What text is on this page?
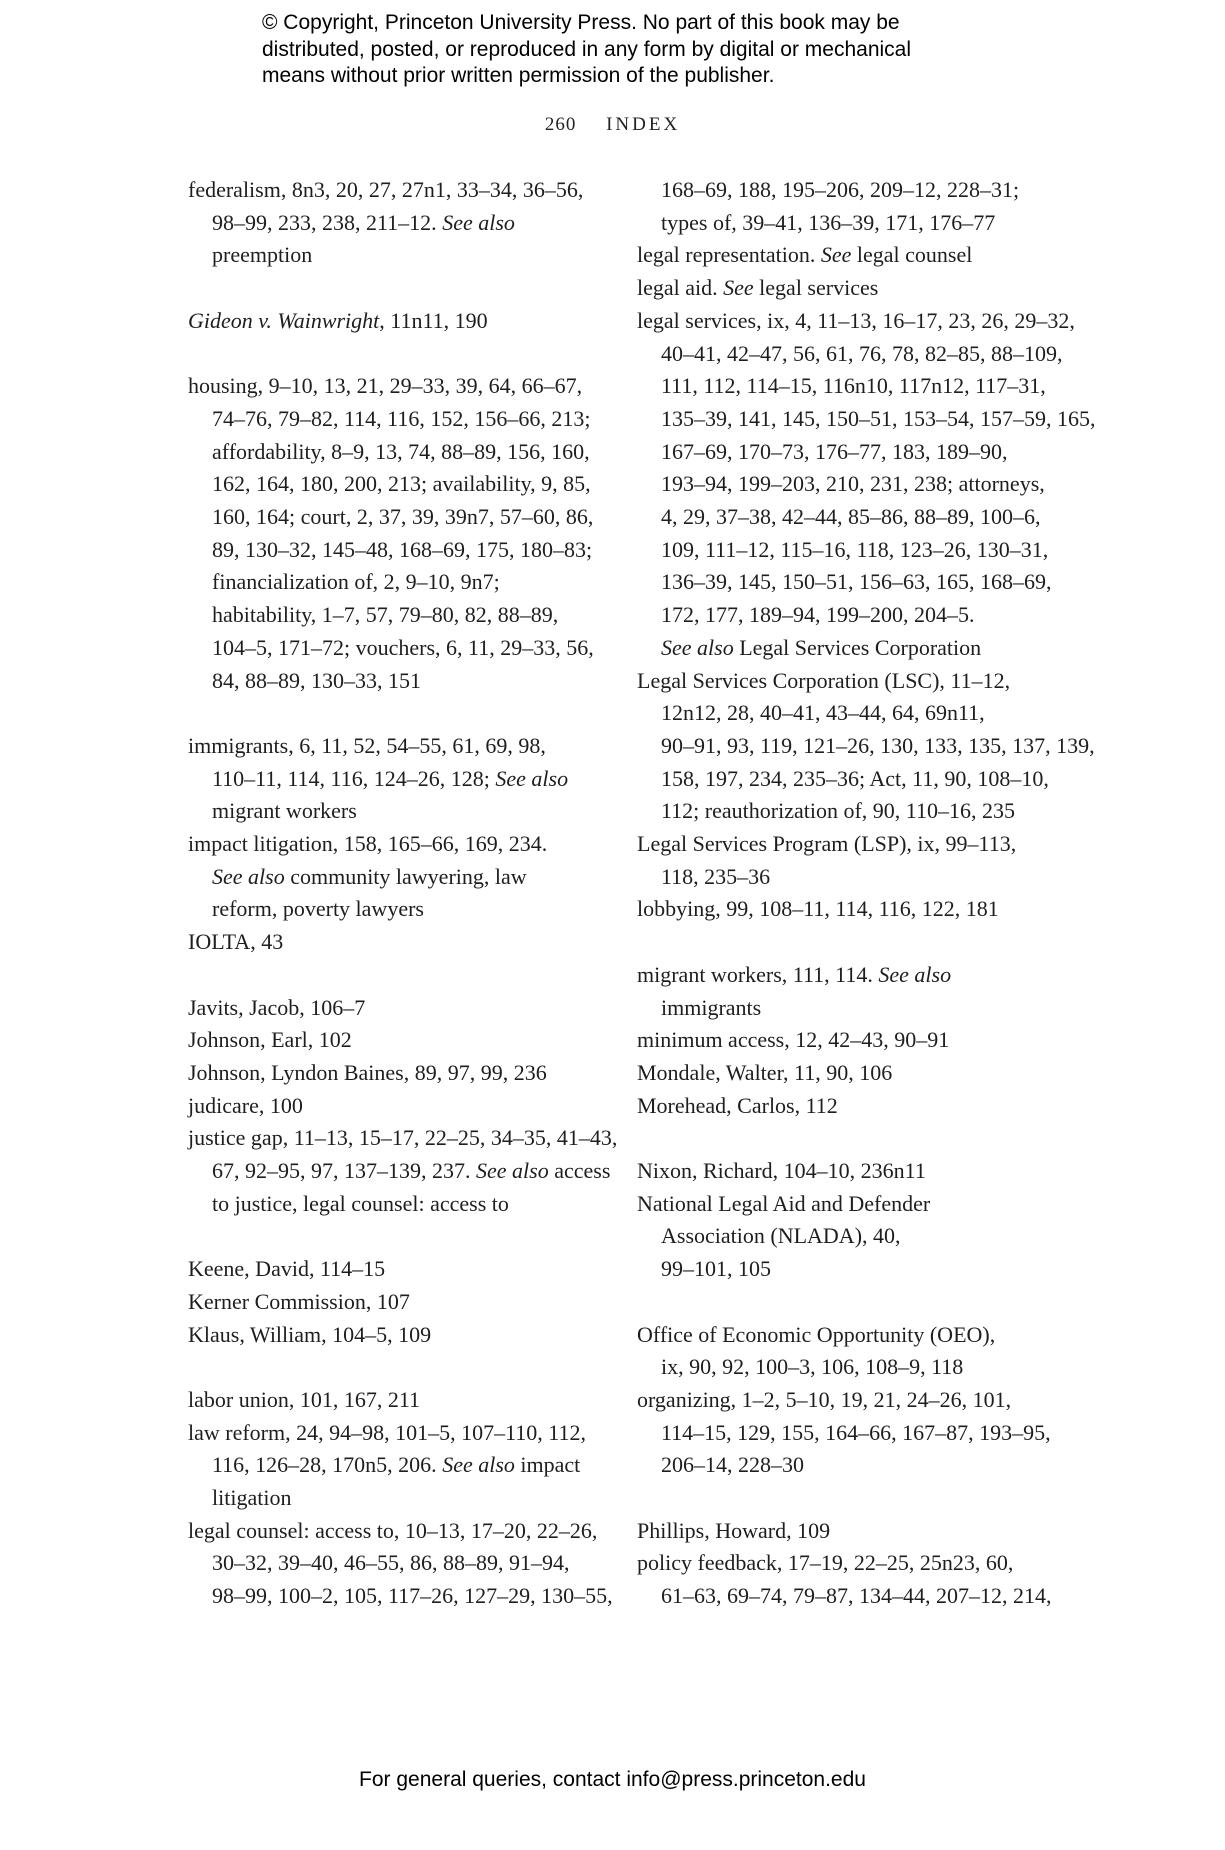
© Copyright, Princeton University Press. No part of this book may be

distributed, posted, or reproduced in any form by digital or mechanical

means without prior written permission of the publisher.

260 INDEX
federalism, 8n3, 20, 27, 27n1, 33–34, 36–56,
98–99, 233, 238, 211–12. See also
preemption
Gideon v. Wainwright, 11n11, 190
housing, 9–10, 13, 21, 29–33, 39, 64, 66–67,
74–76, 79–82, 114, 116, 152, 156–66, 213;
affordability, 8–9, 13, 74, 88–89, 156, 160,
162, 164, 180, 200, 213; availability, 9, 85,
160, 164; court, 2, 37, 39, 39n7, 57–60, 86,
89, 130–32, 145–48, 168–69, 175, 180–83;
financialization of, 2, 9–10, 9n7;
habitability, 1–7, 57, 79–80, 82, 88–89,
104–5, 171–72; vouchers, 6, 11, 29–33, 56,
84, 88–89, 130–33, 151
immigrants, 6, 11, 52, 54–55, 61, 69, 98,
110–11, 114, 116, 124–26, 128; See also
migrant workers
impact litigation, 158, 165–66, 169, 234.
See also community lawyering, law
reform, poverty lawyers
IOLTA, 43
Javits, Jacob, 106–7
Johnson, Earl, 102
Johnson, Lyndon Baines, 89, 97, 99, 236
judicare, 100
justice gap, 11–13, 15–17, 22–25, 34–35, 41–43,
67, 92–95, 97, 137–139, 237. See also access
to justice, legal counsel: access to
Keene, David, 114–15
Kerner Commission, 107
Klaus, William, 104–5, 109
labor union, 101, 167, 211
law reform, 24, 94–98, 101–5, 107–110, 112,
116, 126–28, 170n5, 206. See also impact
litigation
legal counsel: access to, 10–13, 17–20, 22–26,
30–32, 39–40, 46–55, 86, 88–89, 91–94,
98–99, 100–2, 105, 117–26, 127–29, 130–55,
168–69, 188, 195–206, 209–12, 228–31;
types of, 39–41, 136–39, 171, 176–77
legal representation. See legal counsel
legal aid. See legal services
legal services, ix, 4, 11–13, 16–17, 23, 26, 29–32,
40–41, 42–47, 56, 61, 76, 78, 82–85, 88–109,
111, 112, 114–15, 116n10, 117n12, 117–31,
135–39, 141, 145, 150–51, 153–54, 157–59, 165,
167–69, 170–73, 176–77, 183, 189–90,
193–94, 199–203, 210, 231, 238; attorneys,
4, 29, 37–38, 42–44, 85–86, 88–89, 100–6,
109, 111–12, 115–16, 118, 123–26, 130–31,
136–39, 145, 150–51, 156–63, 165, 168–69,
172, 177, 189–94, 199–200, 204–5.
See also Legal Services Corporation
Legal Services Corporation (LSC), 11–12,
12n12, 28, 40–41, 43–44, 64, 69n11,
90–91, 93, 119, 121–26, 130, 133, 135, 137, 139,
158, 197, 234, 235–36; Act, 11, 90, 108–10,
112; reauthorization of, 90, 110–16, 235
Legal Services Program (LSP), ix, 99–113,
118, 235–36
lobbying, 99, 108–11, 114, 116, 122, 181
migrant workers, 111, 114. See also
immigrants
minimum access, 12, 42–43, 90–91
Mondale, Walter, 11, 90, 106
Morehead, Carlos, 112
Nixon, Richard, 104–10, 236n11
National Legal Aid and Defender
Association (NLADA), 40,
99–101, 105
Office of Economic Opportunity (OEO),
ix, 90, 92, 100–3, 106, 108–9, 118
organizing, 1–2, 5–10, 19, 21, 24–26, 101,
114–15, 129, 155, 164–66, 167–87, 193–95,
206–14, 228–30
Phillips, Howard, 109
policy feedback, 17–19, 22–25, 25n23, 60,
61–63, 69–74, 79–87, 134–44, 207–12, 214,
For general queries, contact info@press.princeton.edu
